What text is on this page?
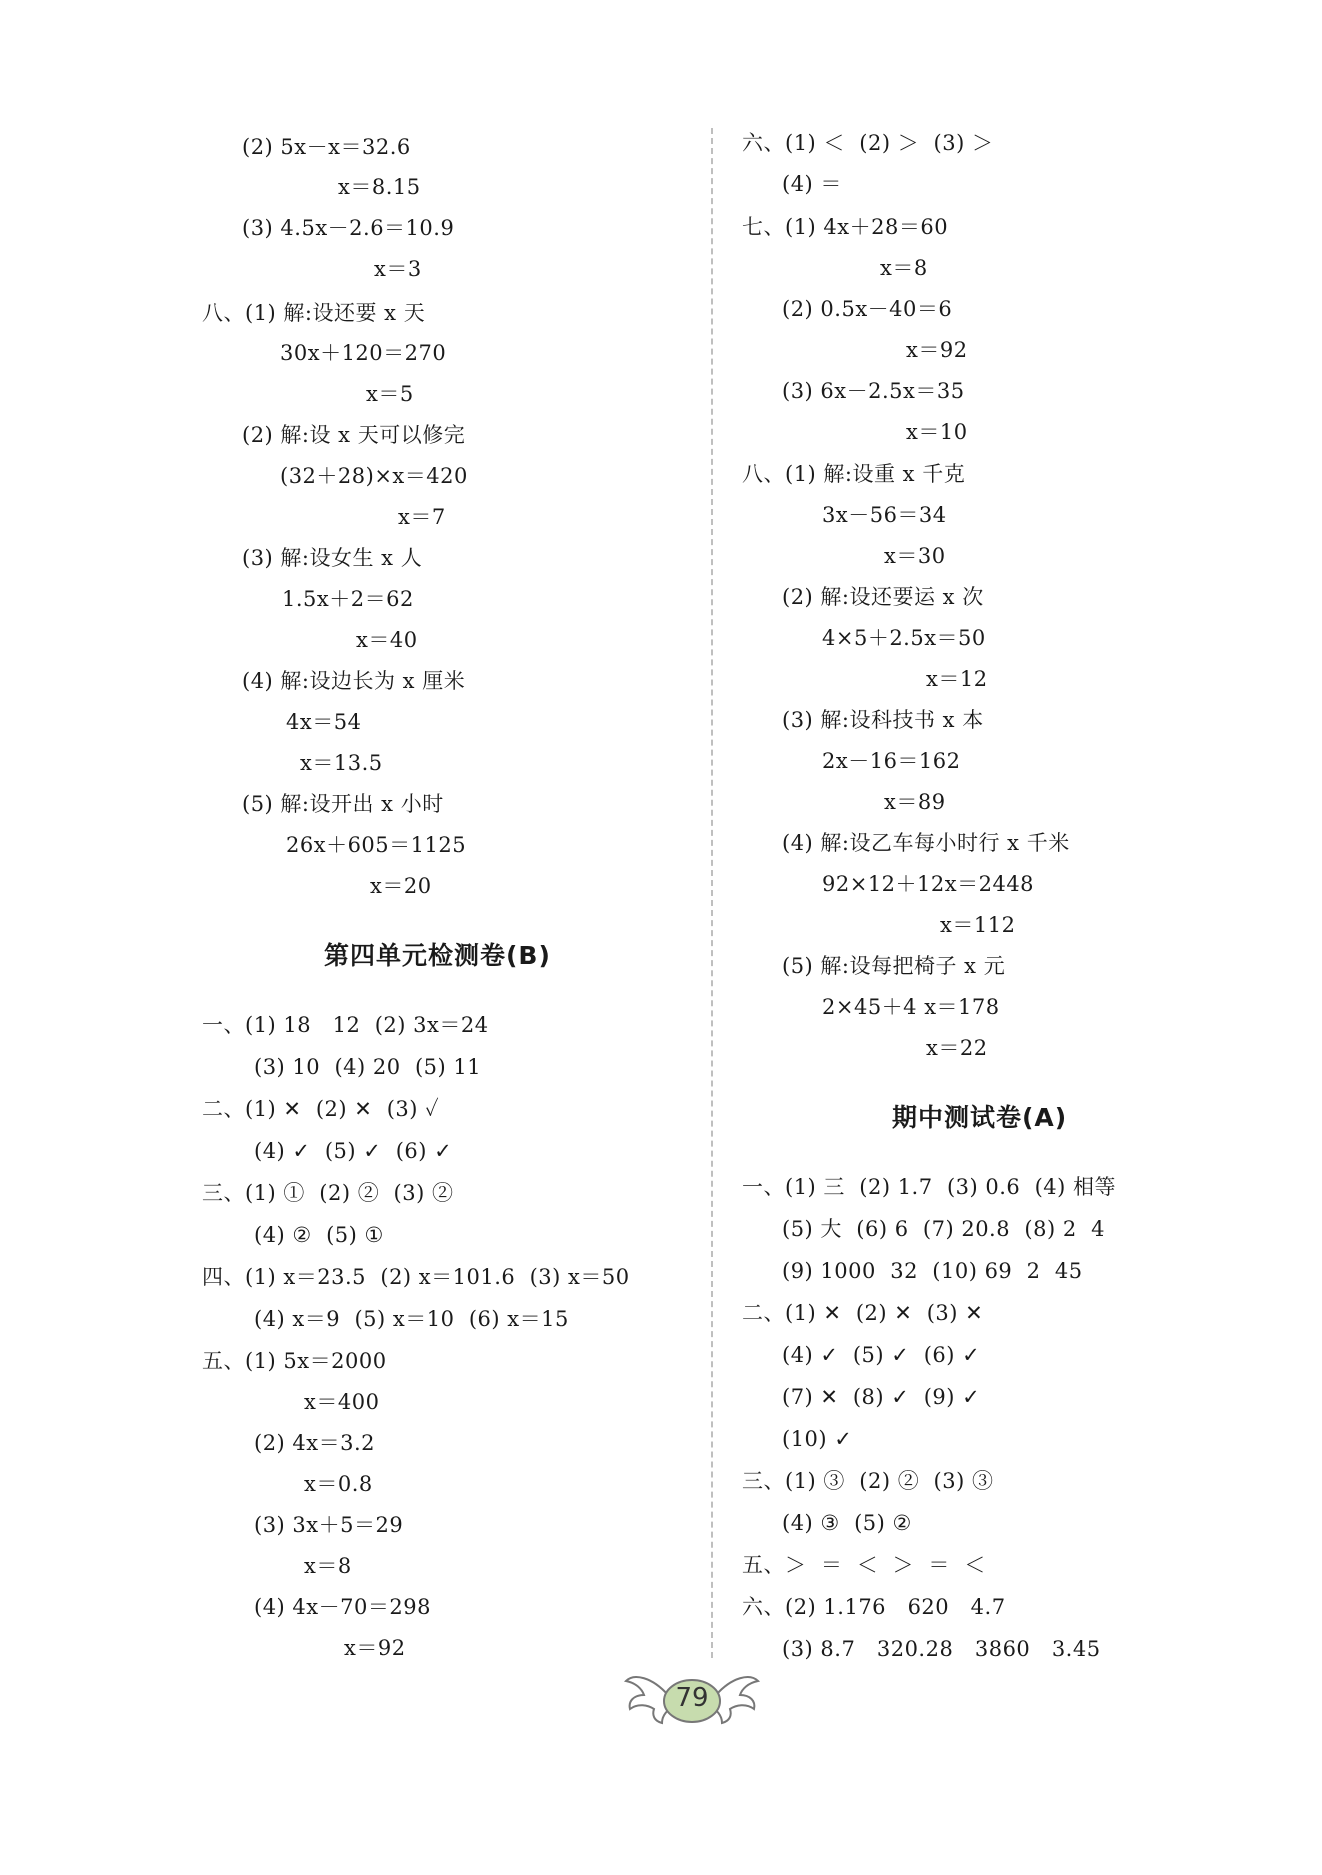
(2) 5x－x＝32.6
x＝8.15
(3) 4.5x－2.6＝10.9
x＝3
八、(1) 解:设还要 x 天
30x＋120＝270
x＝5
(2) 解:设 x 天可以修完
(32＋28)×x＝420
x＝7
(3) 解:设女生 x 人
1.5x＋2＝62
x＝40
(4) 解:设边长为 x 厘米
4x＝54
x＝13.5
(5) 解:设开出 x 小时
26x＋605＝1125
x＝20
第四单元检测卷(B)
一、(1) 18   12  (2) 3x＝24
(3) 10  (4) 20  (5) 11
二、(1) ✕  (2) ✕  (3) ✓
(4) ✓  (5) ✓  (6) ✓
三、(1) ①  (2) ②  (3) ②
(4) ②  (5) ①
四、(1) x＝23.5  (2) x＝101.6  (3) x＝50
(4) x＝9  (5) x＝10  (6) x＝15
五、(1) 5x＝2000
x＝400
(2) 4x＝3.2
x＝0.8
(3) 3x＋5＝29
x＝8
(4) 4x－70＝298
x＝92
六、(1) ＜  (2) ＞  (3) ＞
(4) ＝
七、(1) 4x＋28＝60
x＝8
(2) 0.5x－40＝6
x＝92
(3) 6x－2.5x＝35
x＝10
八、(1) 解:设重 x 千克
3x－56＝34
x＝30
(2) 解:设还要运 x 次
4×5＋2.5x＝50
x＝12
(3) 解:设科技书 x 本
2x－16＝162
x＝89
(4) 解:设乙车每小时行 x 千米
92×12＋12x＝2448
x＝112
(5) 解:设每把椅子 x 元
2×45＋4 x＝178
x＝22
期中测试卷(A)
一、(1) 三  (2) 1.7  (3) 0.6  (4) 相等
(5) 大  (6) 6  (7) 20.8  (8) 2  4
(9) 1000  32  (10) 69  2  45
二、(1) ✕  (2) ✕  (3) ✕
(4) ✓  (5) ✓  (6) ✓
(7) ✕  (8) ✓  (9) ✓
(10) ✓
三、(1) ③  (2) ②  (3) ③
(4) ③  (5) ②
五、＞  ＝  ＜  ＞  ＝  ＜
六、(2) 1.176   620   4.7
(3) 8.7   320.28   3860   3.45
79
